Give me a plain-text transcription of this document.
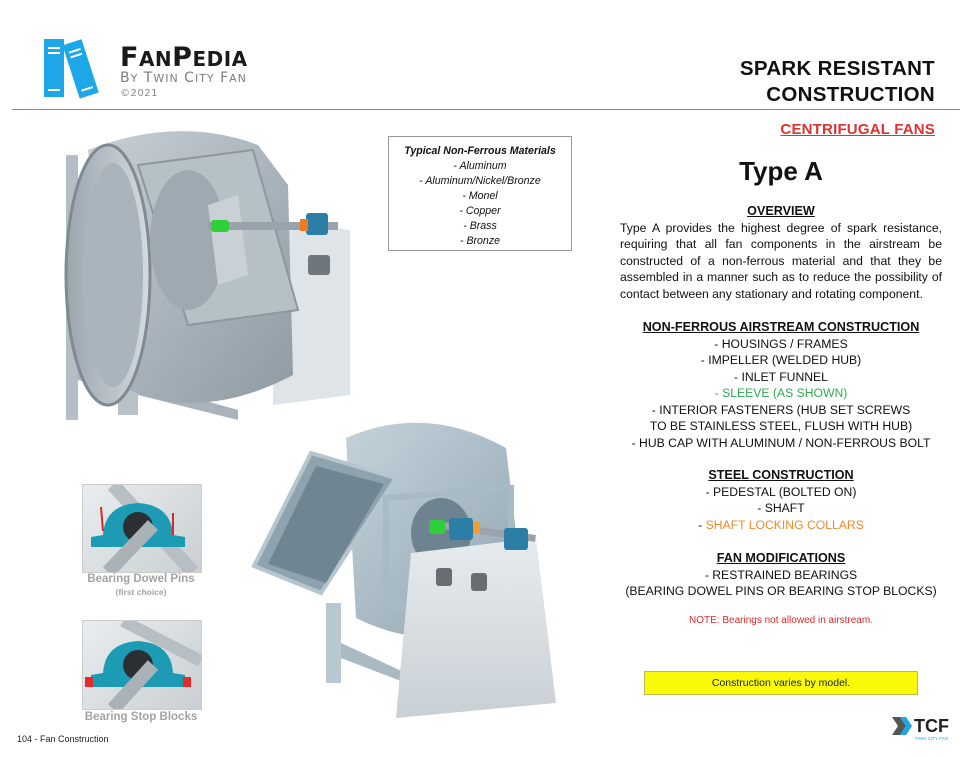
FANPEDIA
BY TWIN CITY FAN
©2021
SPARK RESISTANT
CONSTRUCTION
CENTRIFUGAL FANS
Type A
OVERVIEW
Type A provides the highest degree of spark resistance, requiring that all fan components in the airstream be constructed of a non-ferrous material and that they be assembled in a manner such as to reduce the possibility of contact between any stationary and rotating component.
NON-FERROUS AIRSTREAM CONSTRUCTION
- HOUSINGS / FRAMES
- IMPELLER (WELDED HUB)
- INLET FUNNEL
- SLEEVE (AS SHOWN)
- INTERIOR FASTENERS (HUB SET SCREWS
TO BE STAINLESS STEEL, FLUSH WITH HUB)
- HUB CAP WITH ALUMINUM / NON-FERROUS BOLT
STEEL CONSTRUCTION
- PEDESTAL (BOLTED ON)
- SHAFT
- SHAFT LOCKING COLLARS
FAN MODIFICATIONS
- RESTRAINED BEARINGS
(BEARING DOWEL PINS OR BEARING STOP BLOCKS)
NOTE: Bearings not allowed in airstream.
Construction varies by model.
Typical Non-Ferrous Materials
- Aluminum
- Aluminum/Nickel/Bronze
- Monel
- Copper
- Brass
- Bronze
Bearing Dowel Pins
(first choice)
Bearing Stop Blocks
104 - Fan Construction
TCF
TWIN CITY FAN
